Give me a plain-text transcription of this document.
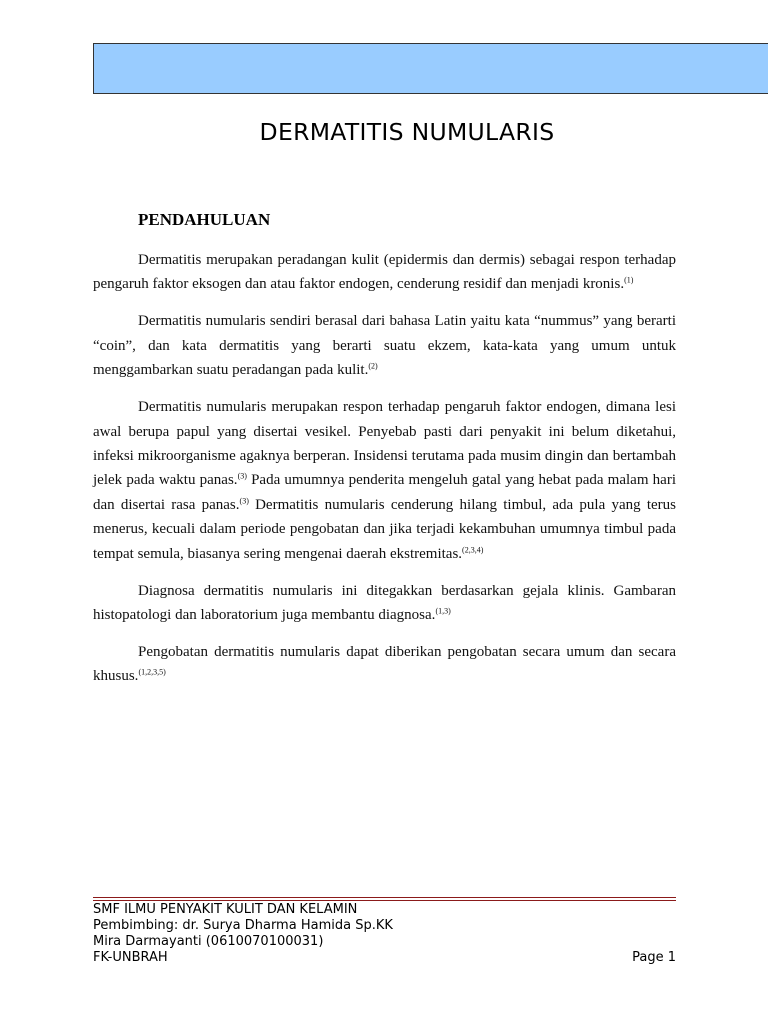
DERMATITIS NUMULARIS
PENDAHULUAN

Dermatitis merupakan peradangan kulit (epidermis dan dermis) sebagai respon terhadap pengaruh faktor eksogen dan atau faktor endogen, cenderung residif dan menjadi kronis.$^{(1)}$

Dermatitis numularis sendiri berasal dari bahasa Latin yaitu kata “nummus” yang berarti “coin”, dan kata dermatitis yang berarti suatu ekzem, kata-kata yang umum untuk menggambarkan suatu peradangan pada kulit.$^{(2)}$

Dermatitis numularis merupakan respon terhadap pengaruh faktor endogen, dimana lesi awal berupa papul yang disertai vesikel. Penyebab pasti dari penyakit ini belum diketahui, infeksi mikroorganisme agaknya berperan. Insidensi terutama pada musim dingin dan bertambah jelek pada waktu panas.$^{(3)}$ Pada umumnya penderita mengeluh gatal yang hebat pada malam hari dan disertai rasa panas.$^{(3)}$ Dermatitis numularis cenderung hilang timbul, ada pula yang terus menerus, kecuali dalam periode pengobatan dan jika terjadi kekambuhan umumnya timbul pada tempat semula, biasanya sering mengenai daerah ekstremitas.$^{(2,3,4)}$

Diagnosa dermatitis numularis ini ditegakkan berdasarkan gejala klinis. Gambaran histopatologi dan laboratorium juga membantu diagnosa.$^{(1,3)}$

Pengobatan dermatitis numularis dapat diberikan pengobatan secara umum dan secara khusus.$^{(1,2,3,5)}$

SMF ILMU PENYAKIT KULIT DAN KELAMIN
Pembimbing: dr. Surya Dharma Hamida Sp.KK
Mira Darmayanti (0610070100031)
FK-UNBRAH	Page 1
